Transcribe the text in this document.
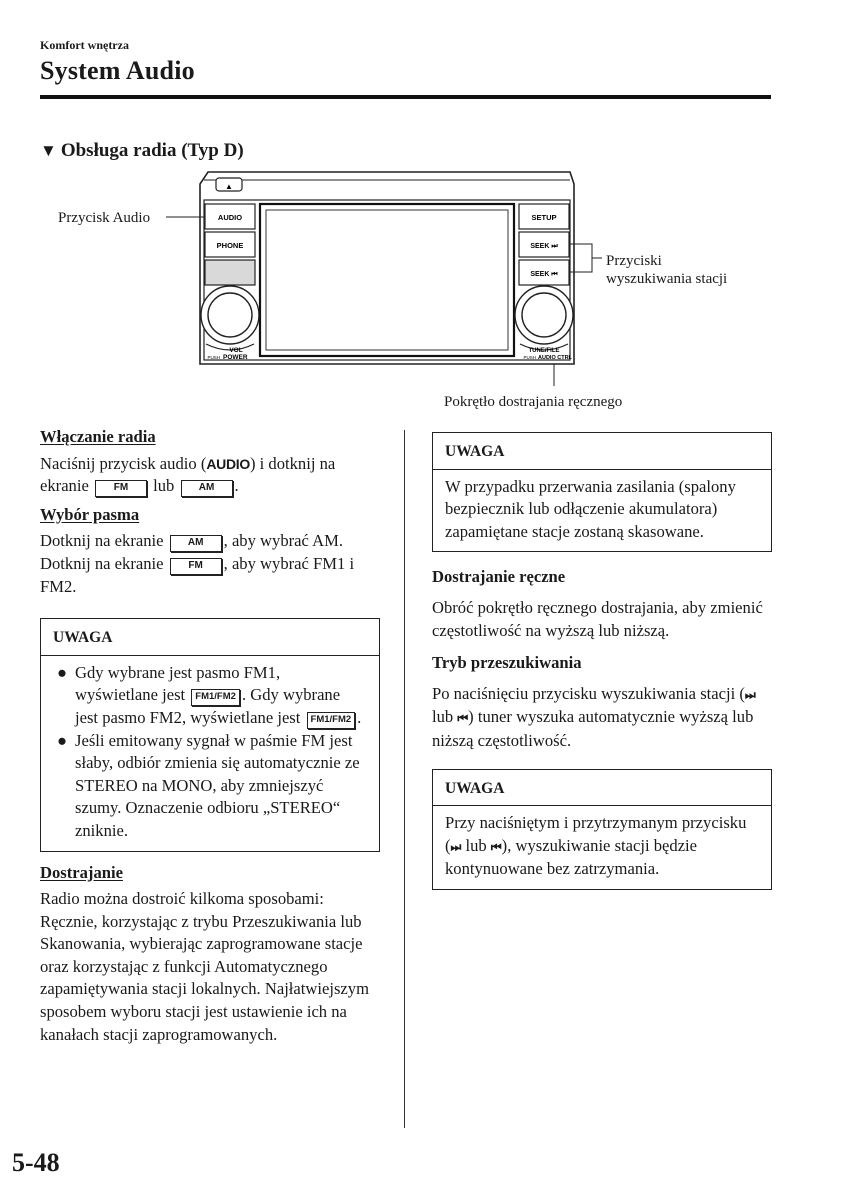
Komfort wnętrza
System Audio
▼ Obsługa radia (Typ D)
▲
AUDIO
PHONE
SETUP
SEEK ⏭
SEEK ⏮
VOL
PUSH POWER
TUNE/FILE
PUSH AUDIO CTRL
Przycisk Audio
Przyciski
wyszukiwania stacji
Pokrętło dostrajania ręcznego
Włączanie radia

Naciśnij przycisk audio (AUDIO) i dotknij na ekranie FM lub AM .

Wybór pasma

Dotknij na ekranie AM , aby wybrać AM. Dotknij na ekranie FM , aby wybrać FM1 i FM2.

UWAGA
● Gdy wybrane jest pasmo FM1, wyświetlane jest FM1/FM2 . Gdy wybrane jest pasmo FM2, wyświetlane jest FM1/FM2 .
● Jeśli emitowany sygnał w paśmie FM jest słaby, odbiór zmienia się automatycznie ze STEREO na MONO, aby zmniejszyć szumy. Oznaczenie odbioru „STEREO“ zniknie.
Dostrajanie

Radio można dostroić kilkoma sposobami: Ręcznie, korzystając z trybu Przeszukiwania lub Skanowania, wybierając zaprogramowane stacje oraz korzystając z funkcji Automatycznego zapamiętywania stacji lokalnych. Najłatwiejszym sposobem wyboru stacji jest ustawienie ich na kanałach stacji zaprogramowanych.

UWAGA
W przypadku przerwania zasilania (spalony bezpiecznik lub odłączenie akumulatora) zapamiętane stacje zostaną skasowane.
Dostrajanie ręczne

Obróć pokrętło ręcznego dostrajania, aby zmienić częstotliwość na wyższą lub niższą.

Tryb przeszukiwania

Po naciśnięciu przycisku wyszukiwania stacji (⏭ lub ⏮) tuner wyszuka automatycznie wyższą lub niższą częstotliwość.

UWAGA
Przy naciśniętym i przytrzymanym przycisku (⏭ lub ⏮), wyszukiwanie stacji będzie kontynuowane bez zatrzymania.
5-48
